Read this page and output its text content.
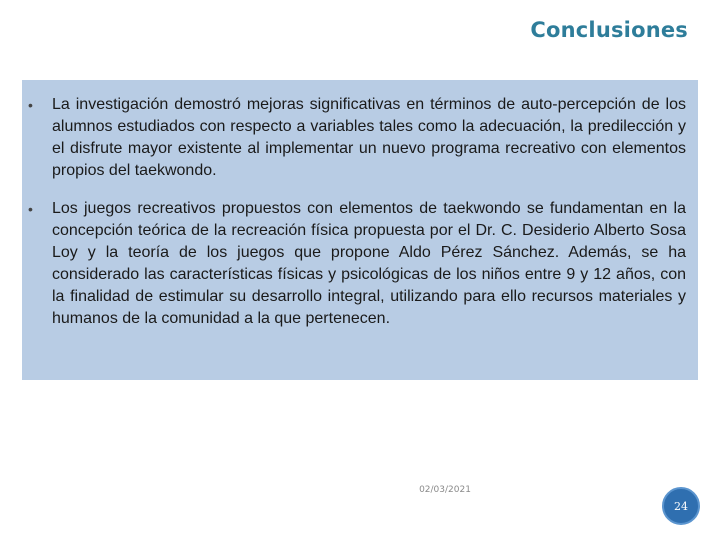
Conclusiones
• La investigación demostró mejoras significativas en términos de auto-percepción de los alumnos estudiados con respecto a variables tales como la adecuación, la predilección y el disfrute mayor existente al implementar un nuevo programa recreativo con elementos propios del taekwondo.
• Los juegos recreativos propuestos con elementos de taekwondo se fundamentan en la concepción teórica de la recreación física propuesta por el Dr. C. Desiderio Alberto Sosa Loy y la teoría de los juegos que propone Aldo Pérez Sánchez. Además, se ha considerado las características físicas y psicológicas de los niños entre 9 y 12 años, con la finalidad de estimular su desarrollo integral, utilizando para ello recursos materiales y humanos de la comunidad a la que pertenecen.
02/03/2021
24
